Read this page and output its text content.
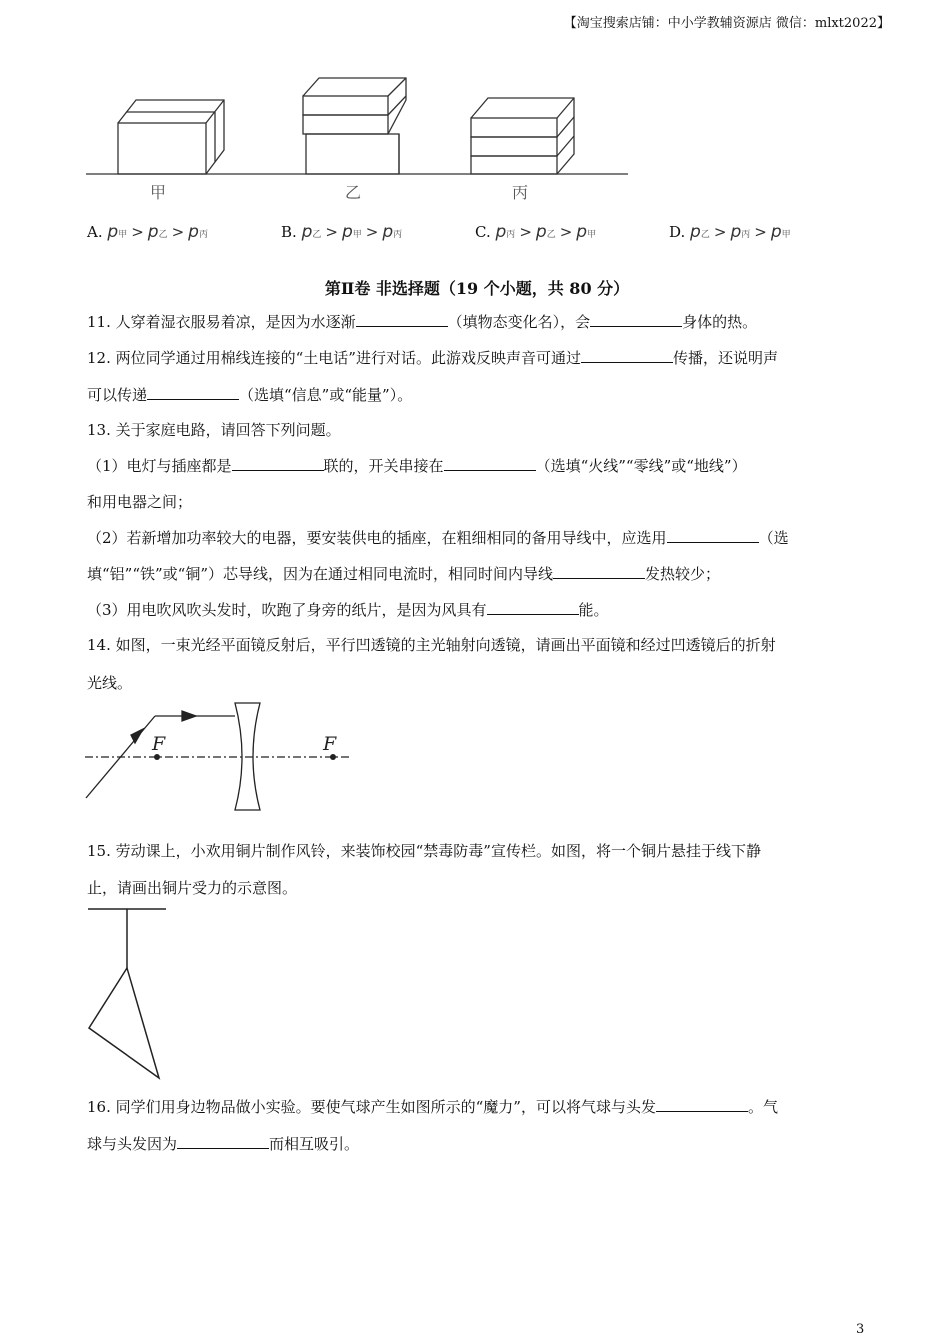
【淘宝搜索店铺：中小学教辅资源店 微信：mlxt2022】
甲	乙	丙
A. p甲 > p乙 > p丙	B. p乙 > p甲 > p丙	C. p丙 > p乙 > p甲	D. p乙 > p丙 > p甲
第Ⅱ卷 非选择题（19 个小题，共 80 分）
11. 人穿着湿衣服易着凉，是因为水逐渐	（填物态变化名），会	身体的热。
12. 两位同学通过用棉线连接的“土电话”进行对话。此游戏反映声音可通过	传播，还说明声
可以传递	（选填“信息”或“能量”）。
13. 关于家庭电路，请回答下列问题。
（1）电灯与插座都是	联的，开关串接在	（选填“火线”“零线”或“地线”）
和用电器之间；
（2）若新增加功率较大的电器，要安装供电的插座，在粗细相同的备用导线中，应选用	（选
填“铝”“铁”或“铜”）芯导线，因为在通过相同电流时，相同时间内导线	发热较少；
（3）用电吹风吹头发时，吹跑了身旁的纸片，是因为风具有	能。
14. 如图，一束光经平面镜反射后，平行凹透镜的主光轴射向透镜，请画出平面镜和经过凹透镜后的折射
光线。
F	F
15. 劳动课上，小欢用铜片制作风铃，来装饰校园“禁毒防毒”宣传栏。如图，将一个铜片悬挂于线下静
止，请画出铜片受力的示意图。
16. 同学们用身边物品做小实验。要使气球产生如图所示的“魔力”，可以将气球与头发	。气
球与头发因为	而相互吸引。
3
